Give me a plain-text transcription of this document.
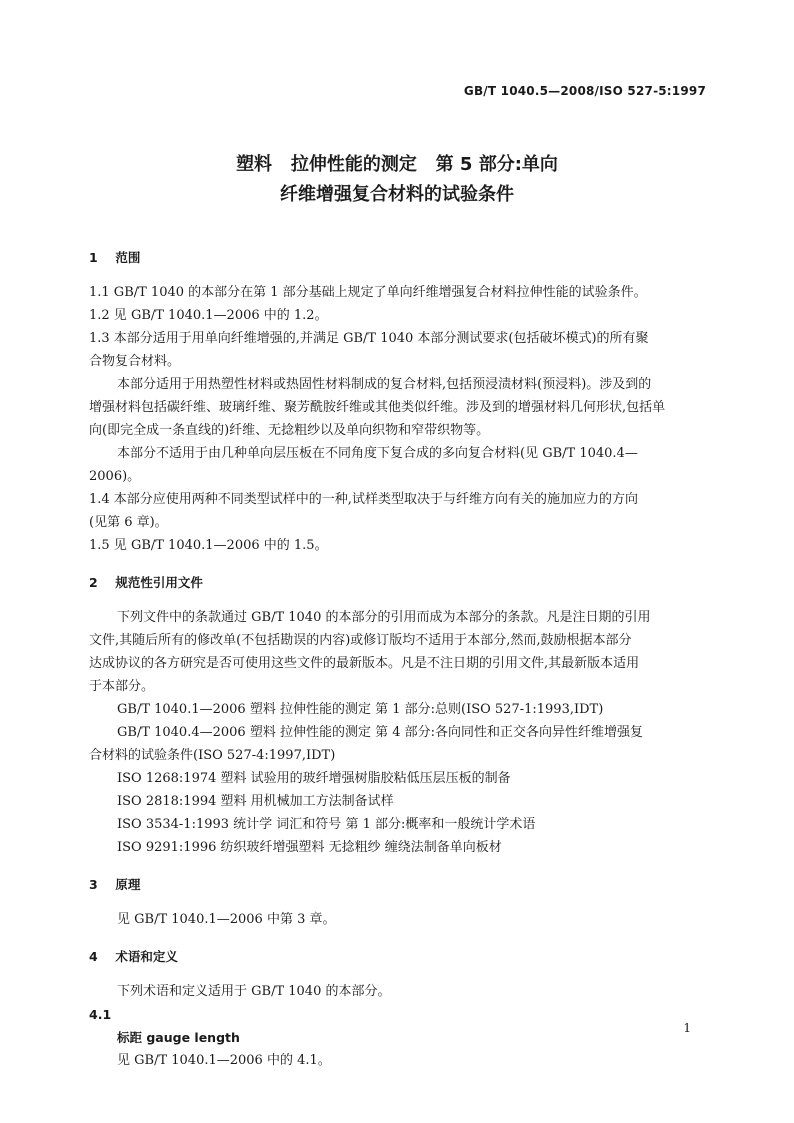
GB/T 1040.5—2008/ISO 527-5:1997
塑料   拉伸性能的测定   第 5 部分:单向
纤维增强复合材料的试验条件
1 范围

1.1 GB/T 1040 的本部分在第 1 部分基础上规定了单向纤维增强复合材料拉伸性能的试验条件。

1.2 见 GB/T 1040.1—2006 中的 1.2。

1.3 本部分适用于用单向纤维增强的,并满足 GB/T 1040 本部分测试要求(包括破坏模式)的所有聚

合物复合材料。

本部分适用于用热塑性材料或热固性材料制成的复合材料,包括预浸渍材料(预浸料)。涉及到的

增强材料包括碳纤维、玻璃纤维、聚芳酰胺纤维或其他类似纤维。涉及到的增强材料几何形状,包括单

向(即完全成一条直线的)纤维、无捻粗纱以及单向织物和窄带织物等。

本部分不适用于由几种单向层压板在不同角度下复合成的多向复合材料(见 GB/T 1040.4—

2006)。

1.4 本部分应使用两种不同类型试样中的一种,试样类型取决于与纤维方向有关的施加应力的方向

(见第 6 章)。

1.5 见 GB/T 1040.1—2006 中的 1.5。

2 规范性引用文件

下列文件中的条款通过 GB/T 1040 的本部分的引用而成为本部分的条款。凡是注日期的引用

文件,其随后所有的修改单(不包括勘误的内容)或修订版均不适用于本部分,然而,鼓励根据本部分

达成协议的各方研究是否可使用这些文件的最新版本。凡是不注日期的引用文件,其最新版本适用

于本部分。

GB/T 1040.1—2006 塑料 拉伸性能的测定 第 1 部分:总则(ISO 527-1:1993,IDT)

GB/T 1040.4—2006 塑料 拉伸性能的测定 第 4 部分:各向同性和正交各向异性纤维增强复

合材料的试验条件(ISO 527-4:1997,IDT)

ISO 1268:1974 塑料 试验用的玻纤增强树脂胶粘低压层压板的制备

ISO 2818:1994 塑料 用机械加工方法制备试样

ISO 3534-1:1993 统计学 词汇和符号 第 1 部分:概率和一般统计学术语

ISO 9291:1996 纺织玻纤增强塑料 无捻粗纱 缠绕法制备单向板材

3 原理

见 GB/T 1040.1—2006 中第 3 章。

4 术语和定义

下列术语和定义适用于 GB/T 1040 的本部分。

4.1

标距 gauge length

见 GB/T 1040.1—2006 中的 4.1。

1
